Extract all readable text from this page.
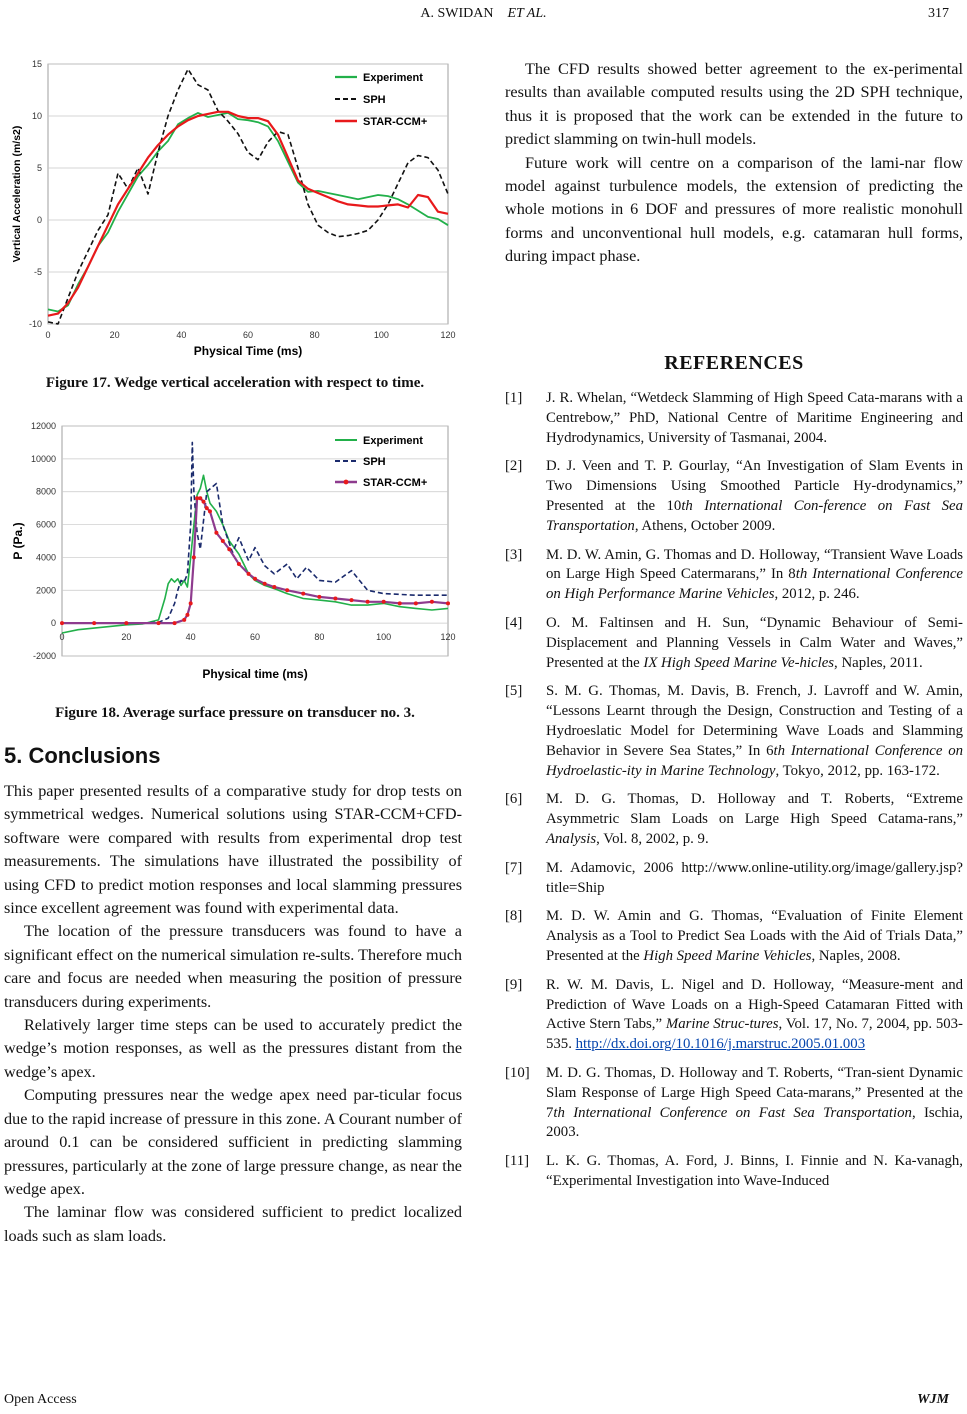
A. SWIDAN ET AL.	317
-10
-5
0
5
10
15
0	20	40	60	80	100	120
Physical Time (ms)
Vertical Acceleration (m/s2)
Experiment
SPH
STAR-CCM+
Figure 17. Wedge vertical acceleration with respect to time.
-2000
0
2000
4000
6000
8000
10000
12000
0	20	40	60	80	100	120
Physical time (ms)
P (Pa.)
Experiment
SPH
STAR-CCM+
Figure 18. Average surface pressure on transducer no. 3.
5. Conclusions

This paper presented results of a comparative study for drop tests on symmetrical wedges. Numerical solutions using STAR-CCM+CFD-software were compared with results from experimental drop test measurements. The simulations have illustrated the possibility of using CFD to predict motion responses and local slamming pressures since excellent agreement was found with experimental data.

The location of the pressure transducers was found to have a significant effect on the numerical simulation re-sults. Therefore much care and focus are needed when measuring the position of pressure transducers during experiments.

Relatively larger time steps can be used to accurately predict the wedge’s motion responses, as well as the pressures distant from the wedge’s apex.

Computing pressures near the wedge apex need par-ticular focus due to the rapid increase of pressure in this zone. A Courant number of around 0.1 can be considered sufficient in predicting slamming pressures, particularly at the zone of large pressure change, as near the wedge apex.

The laminar flow was considered sufficient to predict localized loads such as slam loads.

The CFD results showed better agreement to the ex-perimental results than available computed results using the 2D SPH technique, thus it is proposed that the work can be extended in the future to predict slamming on twin-hull models.

Future work will centre on a comparison of the lami-nar flow model against turbulence models, the extension of predicting the whole motions in 6 DOF and pressures of more realistic monohull forms and unconventional hull models, e.g. catamaran hull forms, during impact phase.

REFERENCES

[1] J. R. Whelan, “Wetdeck Slamming of High Speed Cata-marans with a Centrebow,” PhD, National Centre of Maritime Engineering and Hydrodynamics, University of Tasmanai, 2004.

[2] D. J. Veen and T. P. Gourlay, “An Investigation of Slam Events in Two Dimensions Using Smoothed Particle Hy-drodynamics,” Presented at the 10th International Con-ference on Fast Sea Transportation, Athens, October 2009.

[3] M. D. W. Amin, G. Thomas and D. Holloway, “Transient Wave Loads on Large High Speed Catermarans,” In 8th International Conference on High Performance Marine Vehicles, 2012, p. 246.

[4] O. M. Faltinsen and H. Sun, “Dynamic Behaviour of Semi-Displacement and Planning Vessels in Calm Water and Waves,” Presented at the IX High Speed Marine Ve-hicles, Naples, 2011.

[5] S. M. G. Thomas, M. Davis, B. French, J. Lavroff and W. Amin, “Lessons Learnt through the Design, Construction and Testing of a Hydroeslatic Model for Determining Wave Loads and Slamming Behavior in Severe Sea States,” In 6th International Conference on Hydroelastic-ity in Marine Technology, Tokyo, 2012, pp. 163-172.

[6] M. D. G. Thomas, D. Holloway and T. Roberts, “Extreme Asymmetric Slam Loads on Large High Speed Catama-rans,” Analysis, Vol. 8, 2002, p. 9.

[7] M. Adamovic, 2006 http://www.online-utility.org/image/gallery.jsp?title=Ship

[8] M. D. W. Amin and G. Thomas, “Evaluation of Finite Element Analysis as a Tool to Predict Sea Loads with the Aid of Trials Data,” Presented at the High Speed Marine Vehicles, Naples, 2008.

[9] R. W. M. Davis, L. Nigel and D. Holloway, “Measure-ment and Prediction of Wave Loads on a High-Speed Catamaran Fitted with Active Stern Tabs,” Marine Struc-tures, Vol. 17, No. 7, 2004, pp. 503-535. http://dx.doi.org/10.1016/j.marstruc.2005.01.003

[10] M. D. G. Thomas, D. Holloway and T. Roberts, “Tran-sient Dynamic Slam Response of Large High Speed Cata-marans,” Presented at the 7th International Conference on Fast Sea Transportation, Ischia, 2003.

[11] L. K. G. Thomas, A. Ford, J. Binns, I. Finnie and N. Ka-vanagh, “Experimental Investigation into Wave-Induced

Open Access	WJM
